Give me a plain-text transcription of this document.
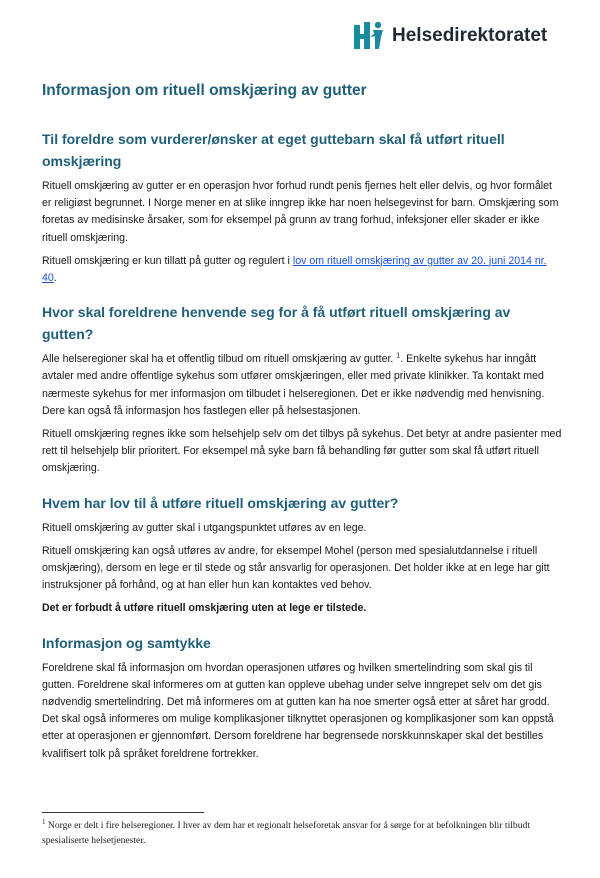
Helsedirektoratet
Informasjon om rituell omskjæring av gutter
Til foreldre som vurderer/ønsker at eget guttebarn skal få utført rituell omskjæring

Rituell omskjæring av gutter er en operasjon hvor forhud rundt penis fjernes helt eller delvis, og hvor formålet er religiøst begrunnet. I Norge mener en at slike inngrep ikke har noen helsegevinst for barn. Omskjæring som foretas av medisinske årsaker, som for eksempel på grunn av trang forhud, infeksjoner eller skader er ikke rituell omskjæring.

Rituell omskjæring er kun tillatt på gutter og regulert i lov om rituell omskjæring av gutter av 20. juni 2014 nr. 40.

Hvor skal foreldrene henvende seg for å få utført rituell omskjæring av gutten?

Alle helseregioner skal ha et offentlig tilbud om rituell omskjæring av gutter. $^1$. Enkelte sykehus har inngått avtaler med andre offentlige sykehus som utfører omskjæringen, eller med private klinikker. Ta kontakt med nærmeste sykehus for mer informasjon om tilbudet i helseregionen. Det er ikke nødvendig med henvisning. Dere kan også få informasjon hos fastlegen eller på helsestasjonen.

Rituell omskjæring regnes ikke som helsehjelp selv om det tilbys på sykehus. Det betyr at andre pasienter med rett til helsehjelp blir prioritert. For eksempel må syke barn få behandling før gutter som skal få utført rituell omskjæring.

Hvem har lov til å utføre rituell omskjæring av gutter?

Rituell omskjæring av gutter skal i utgangspunktet utføres av en lege.

Rituell omskjæring kan også utføres av andre, for eksempel Mohel (person med spesialutdannelse i rituell omskjæring), dersom en lege er til stede og står ansvarlig for operasjonen. Det holder ikke at en lege har gitt instruksjoner på forhånd, og at han eller hun kan kontaktes ved behov.

Det er forbudt å utføre rituell omskjæring uten at lege er tilstede.

Informasjon og samtykke

Foreldrene skal få informasjon om hvordan operasjonen utføres og hvilken smertelindring som skal gis til gutten. Foreldrene skal informeres om at gutten kan oppleve ubehag under selve inngrepet selv om det gis nødvendig smertelindring. Det må informeres om at gutten kan ha noe smerter også etter at såret har grodd. Det skal også informeres om mulige komplikasjoner tilknyttet operasjonen og komplikasjoner som kan oppstå etter at operasjonen er gjennomført. Dersom foreldrene har begrensede norskkunnskaper skal det bestilles kvalifisert tolk på språket foreldrene fortrekker.

$^1$ Norge er delt i fire helseregioner. I hver av dem har et regionalt helseforetak ansvar for å sørge for at befolkningen blir tilbudt spesialiserte helsetjenester.
